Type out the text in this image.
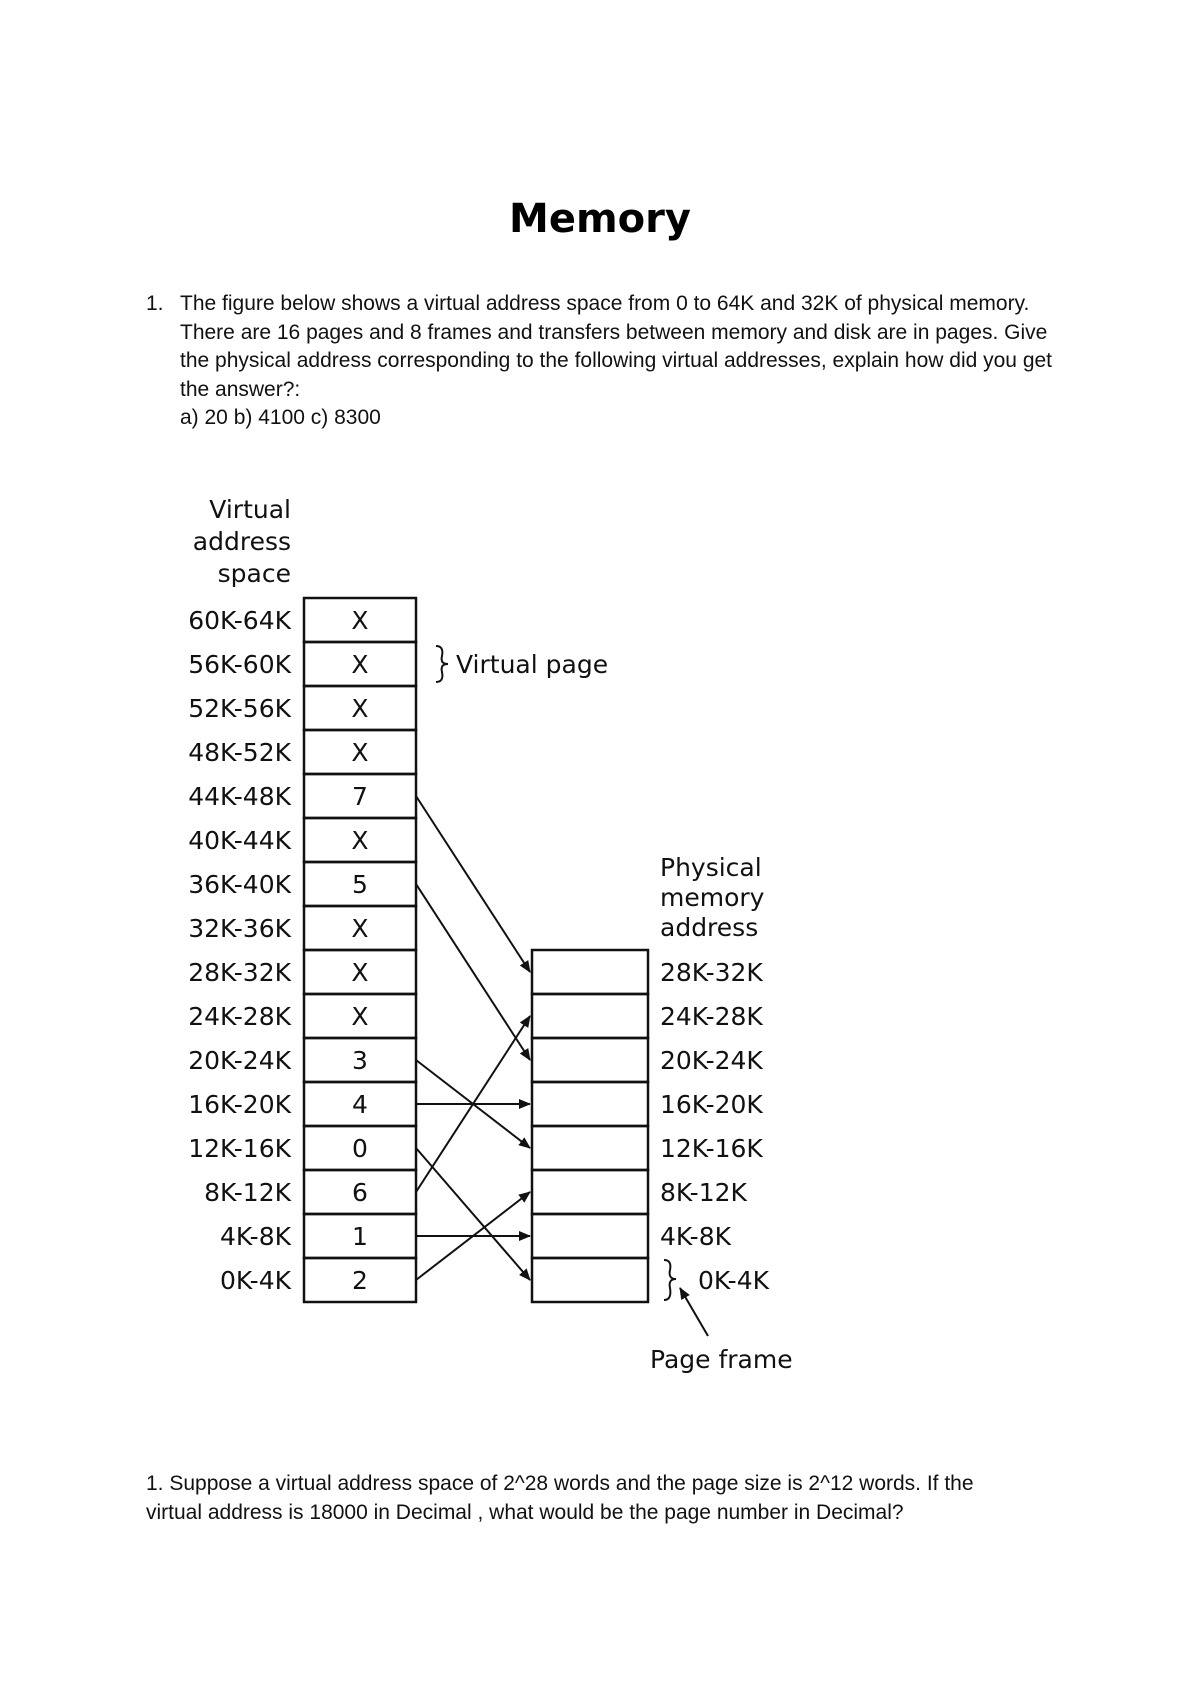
Memory
1. The figure below shows a virtual address space from 0 to 64K and 32K of physical memory. There are 16 pages and 8 frames and transfers between memory and disk are in pages. Give the physical address corresponding to the following virtual addresses, explain how did you get the answer?:
a) 20 b) 4100 c) 8300
Virtual
address
space
60K-64K X
56K-60K X
52K-56K X
48K-52K X
44K-48K 7
40K-44K X
36K-40K 5
32K-36K X
28K-32K X
24K-28K X
20K-24K 3
16K-20K 4
12K-16K 0
8K-12K 6
4K-8K 1
0K-4K 2
Physical
memory
address
28K-32K
24K-28K
20K-24K
16K-20K
12K-16K
8K-12K
4K-8K
0K-4K
Virtual page
Page frame
1. Suppose a virtual address space of 2^28 words and the page size is 2^12 words. If the
virtual address is 18000 in Decimal , what would be the page number in Decimal?
